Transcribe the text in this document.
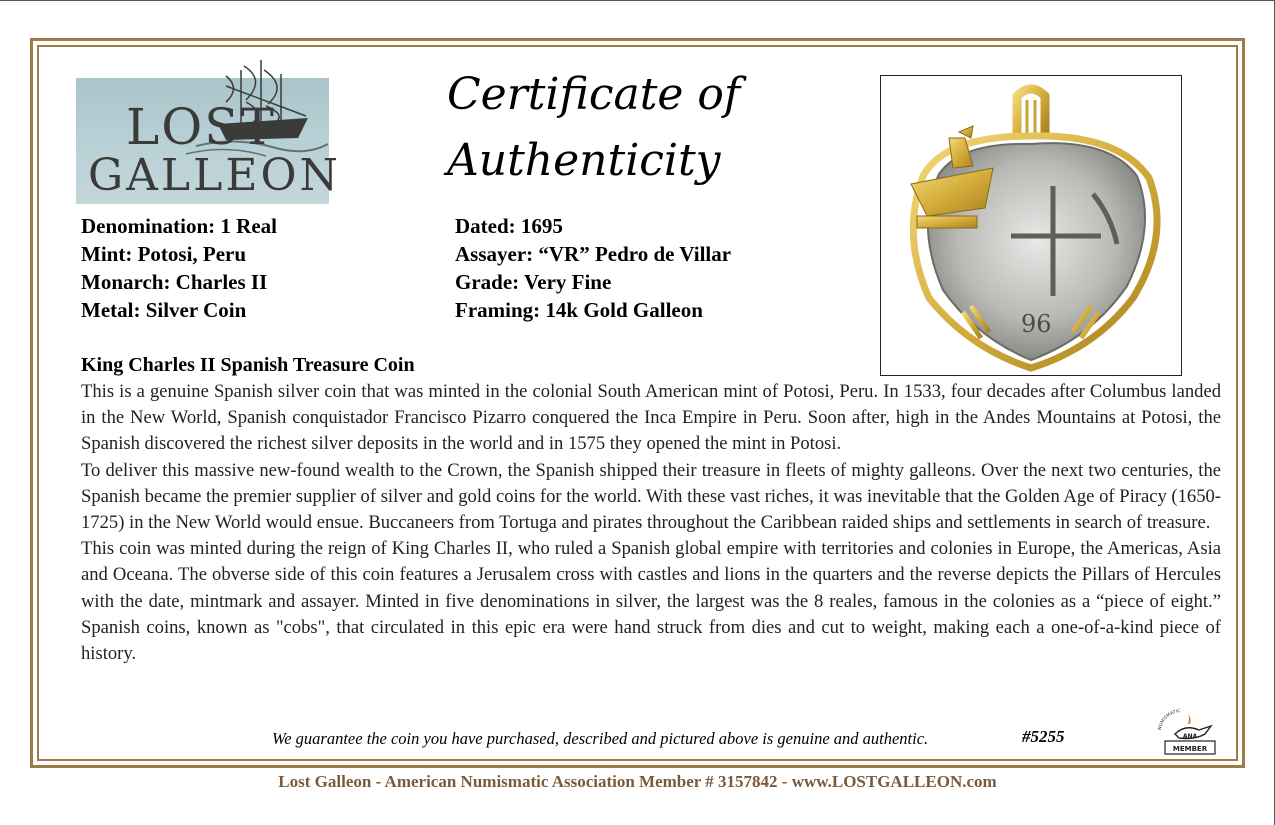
LOST
GALLEON
Certificate of
Authenticity
Denomination: 1 Real
Mint: Potosi, Peru
Monarch: Charles II
Metal: Silver Coin
Dated: 1695
Assayer: “VR” Pedro de Villar
Grade: Very Fine
Framing: 14k Gold Galleon	96
King Charles II Spanish Treasure Coin

This is a genuine Spanish silver coin that was minted in the colonial South American mint of Potosi, Peru. In 1533, four decades after Columbus landed in the New World, Spanish conquistador Francisco Pizarro conquered the Inca Empire in Peru. Soon after, high in the Andes Mountains at Potosi, the Spanish discovered the richest silver deposits in the world and in 1575 they opened the mint in Potosi.

To deliver this massive new-found wealth to the Crown, the Spanish shipped their treasure in fleets of mighty galleons. Over the next two centuries, the Spanish became the premier supplier of silver and gold coins for the world. With these vast riches, it was inevitable that the Golden Age of Piracy (1650-1725) in the New World would ensue. Buccaneers from Tortuga and pirates throughout the Caribbean raided ships and settlements in search of treasure.

This coin was minted during the reign of King Charles II, who ruled a Spanish global empire with territories and colonies in Europe, the Americas, Asia and Oceana. The obverse side of this coin features a Jerusalem cross with castles and lions in the quarters and the reverse depicts the Pillars of Hercules with the date, mintmark and assayer. Minted in five denominations in silver, the largest was the 8 reales, famous in the colonies as a “piece of eight.” Spanish coins, known as "cobs", that circulated in this epic era were hand struck from dies and cut to weight, making each a one-of-a-kind piece of history.

We guarantee the coin you have purchased, described and pictured above is genuine and authentic.	#5255	NUMISMATIC
ANA
MEMBER
Lost Galleon - American Numismatic Association Member # 3157842 - www.LOSTGALLEON.com
